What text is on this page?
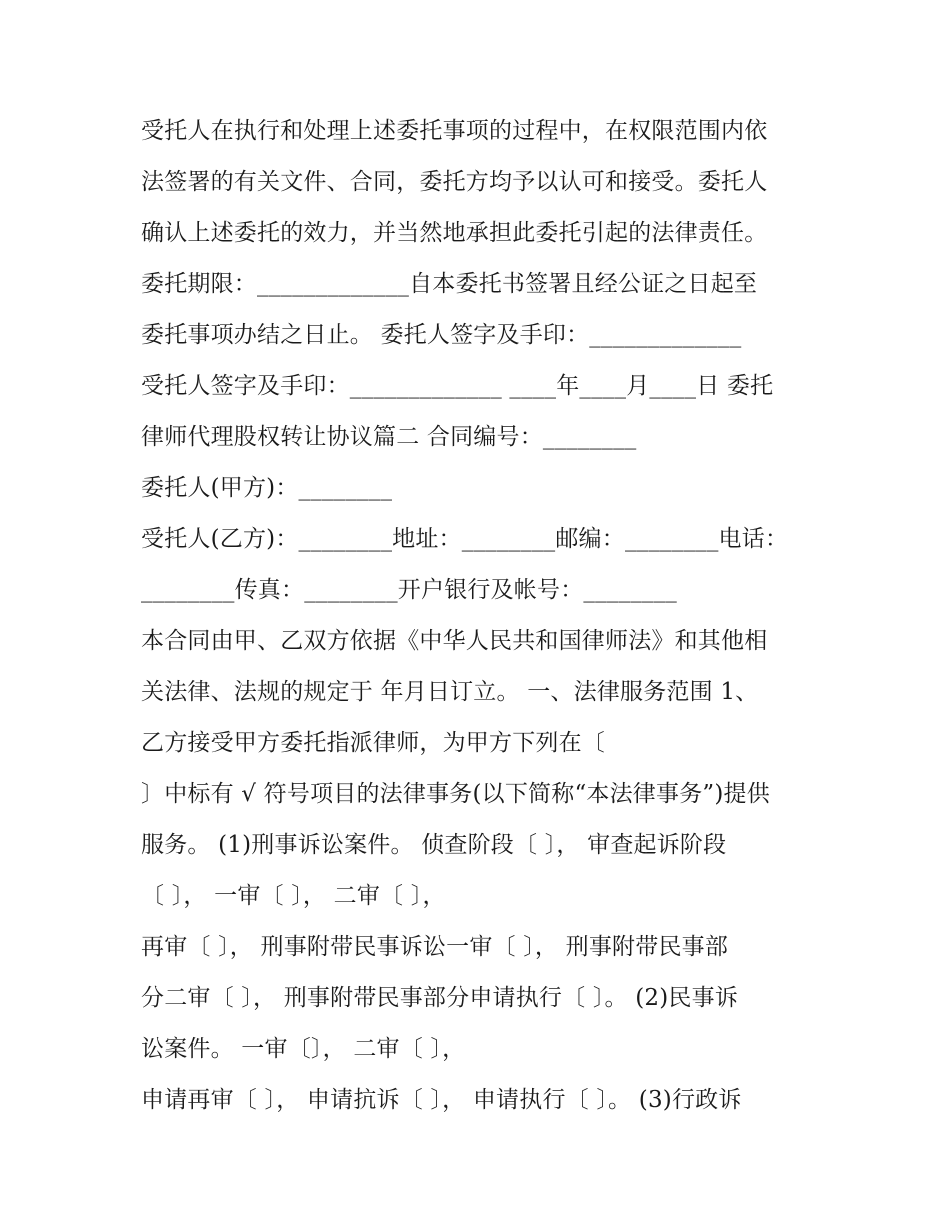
受托人在执行和处理上述委托事项的过程中，在权限范围内依
法签署的有关文件、合同，委托方均予以认可和接受。委托人
确认上述委托的效力，并当然地承担此委托引起的法律责任。
委托期限：_____________自本委托书签署且经公证之日起至
委托事项办结之日止。 委托人签字及手印：_____________
受托人签字及手印：_____________ ____年____月____日 委托
律师代理股权转让协议篇二 合同编号：________
委托人(甲方)：________
受托人(乙方)：________地址：________邮编：________电话：
________传真：________开户银行及帐号：________
本合同由甲、乙双方依据《中华人民共和国律师法》和其他相
关法律、法规的规定于 年月日订立。 一、法律服务范围 1、
乙方接受甲方委托指派律师，为甲方下列在〔
〕中标有 √ 符号项目的法律事务(以下简称“本法律事务”)提供
服务。 (1)刑事诉讼案件。 侦查阶段〔 〕， 审查起诉阶段
〔 〕， 一审〔 〕， 二审〔 〕，
再审〔 〕， 刑事附带民事诉讼一审〔 〕， 刑事附带民事部
分二审〔 〕， 刑事附带民事部分申请执行〔 〕。 (2)民事诉
讼案件。 一审〔〕， 二审〔 〕，
申请再审〔 〕， 申请抗诉〔 〕， 申请执行〔 〕。 (3)行政诉
